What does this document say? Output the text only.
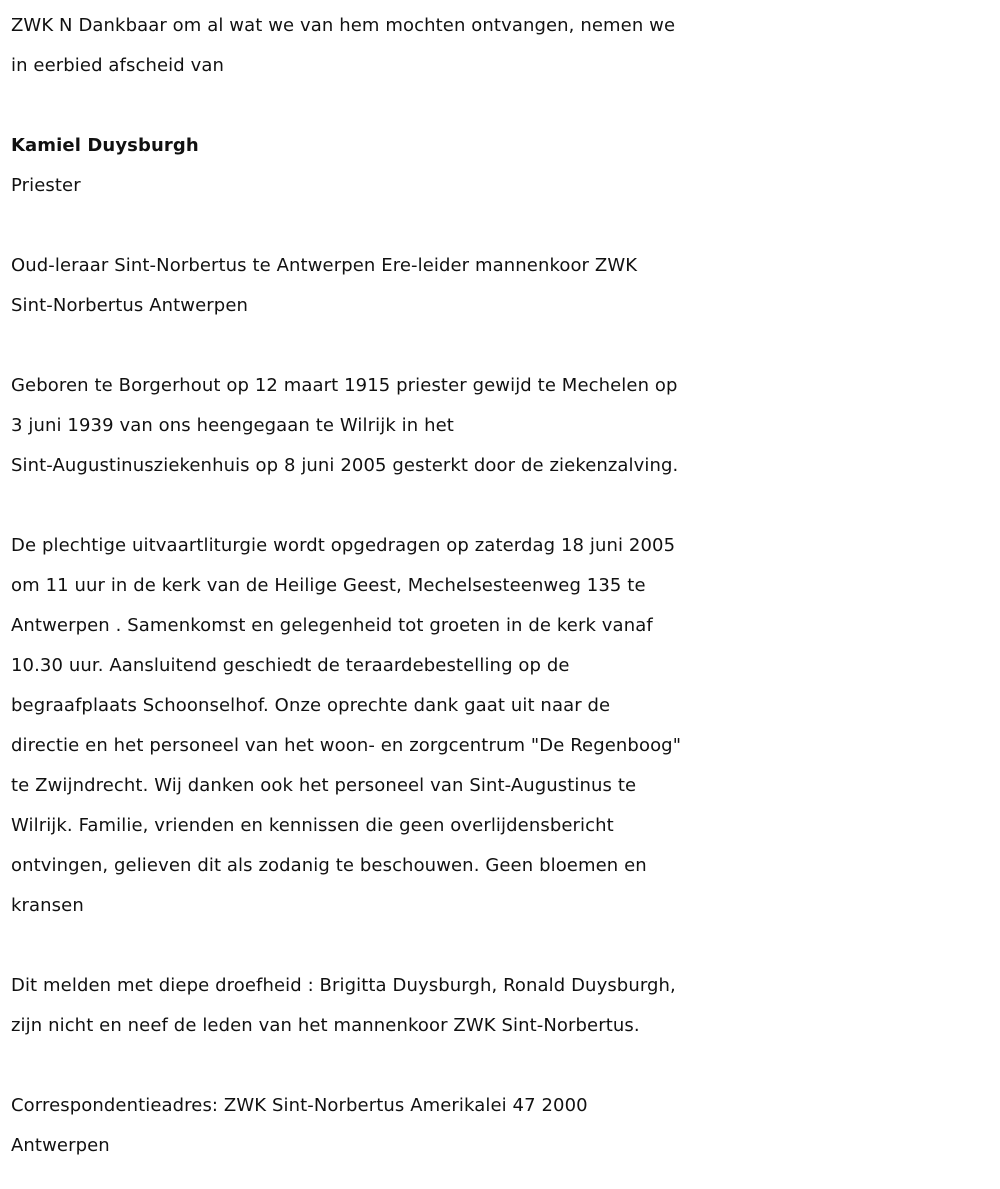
ZWK N Dankbaar om al wat we van hem mochten ontvangen, nemen we
in eerbied afscheid van

Kamiel Duysburgh
Priester

Oud-leraar Sint-Norbertus te Antwerpen Ere-leider mannenkoor ZWK
Sint-Norbertus Antwerpen

Geboren te Borgerhout op 12 maart 1915 priester gewijd te Mechelen op
3 juni 1939 van ons heengegaan te Wilrijk in het
Sint-Augustinusziekenhuis op 8 juni 2005 gesterkt door de ziekenzalving.

De plechtige uitvaartliturgie wordt opgedragen op zaterdag 18 juni 2005
om 11 uur in de kerk van de Heilige Geest, Mechelsesteenweg 135 te
Antwerpen . Samenkomst en gelegenheid tot groeten in de kerk vanaf
10.30 uur. Aansluitend geschiedt de teraardebestelling op de
begraafplaats Schoonselhof. Onze oprechte dank gaat uit naar de
directie en het personeel van het woon- en zorgcentrum "De Regenboog"
te Zwijndrecht. Wij danken ook het personeel van Sint-Augustinus te
Wilrijk. Familie, vrienden en kennissen die geen overlijdensbericht
ontvingen, gelieven dit als zodanig te beschouwen. Geen bloemen en
kransen

Dit melden met diepe droefheid : Brigitta Duysburgh, Ronald Duysburgh,
zijn nicht en neef de leden van het mannenkoor ZWK Sint-Norbertus.

Correspondentieadres: ZWK Sint-Norbertus Amerikalei 47 2000
Antwerpen
